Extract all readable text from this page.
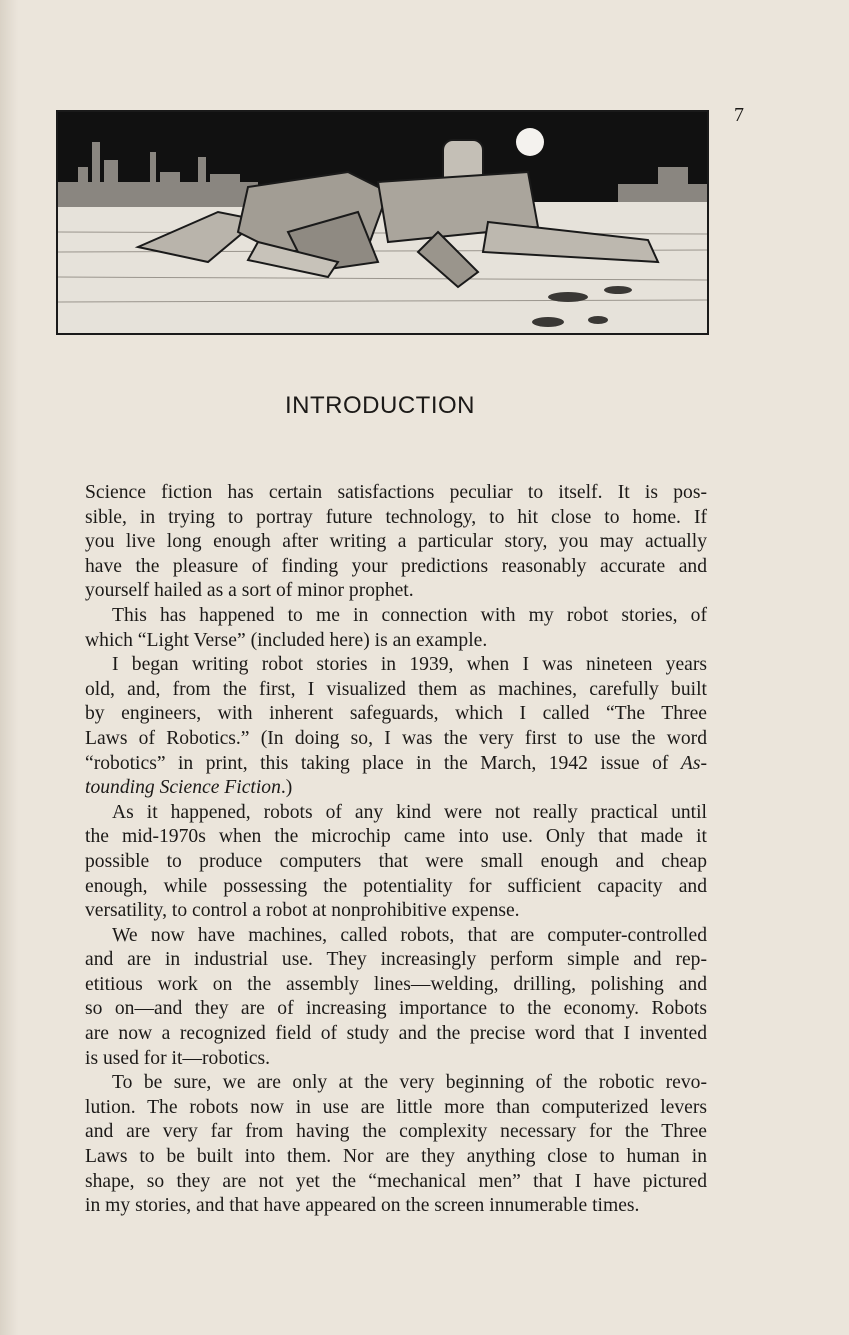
7
INTRODUCTION
Science fiction has certain satisfactions peculiar to itself. It is pos-
sible, in trying to portray future technology, to hit close to home. If
you live long enough after writing a particular story, you may actually
have the pleasure of finding your predictions reasonably accurate and
yourself hailed as a sort of minor prophet.
This has happened to me in connection with my robot stories, of
which “Light Verse” (included here) is an example.
I began writing robot stories in 1939, when I was nineteen years
old, and, from the first, I visualized them as machines, carefully built
by engineers, with inherent safeguards, which I called “The Three
Laws of Robotics.” (In doing so, I was the very first to use the word
“robotics” in print, this taking place in the March, 1942 issue of As-
tounding Science Fiction.)
As it happened, robots of any kind were not really practical until
the mid-1970s when the microchip came into use. Only that made it
possible to produce computers that were small enough and cheap
enough, while possessing the potentiality for sufficient capacity and
versatility, to control a robot at nonprohibitive expense.
We now have machines, called robots, that are computer-controlled
and are in industrial use. They increasingly perform simple and rep-
etitious work on the assembly lines—welding, drilling, polishing and
so on—and they are of increasing importance to the economy. Robots
are now a recognized field of study and the precise word that I invented
is used for it—robotics.
To be sure, we are only at the very beginning of the robotic revo-
lution. The robots now in use are little more than computerized levers
and are very far from having the complexity necessary for the Three
Laws to be built into them. Nor are they anything close to human in
shape, so they are not yet the “mechanical men” that I have pictured
in my stories, and that have appeared on the screen innumerable times.
